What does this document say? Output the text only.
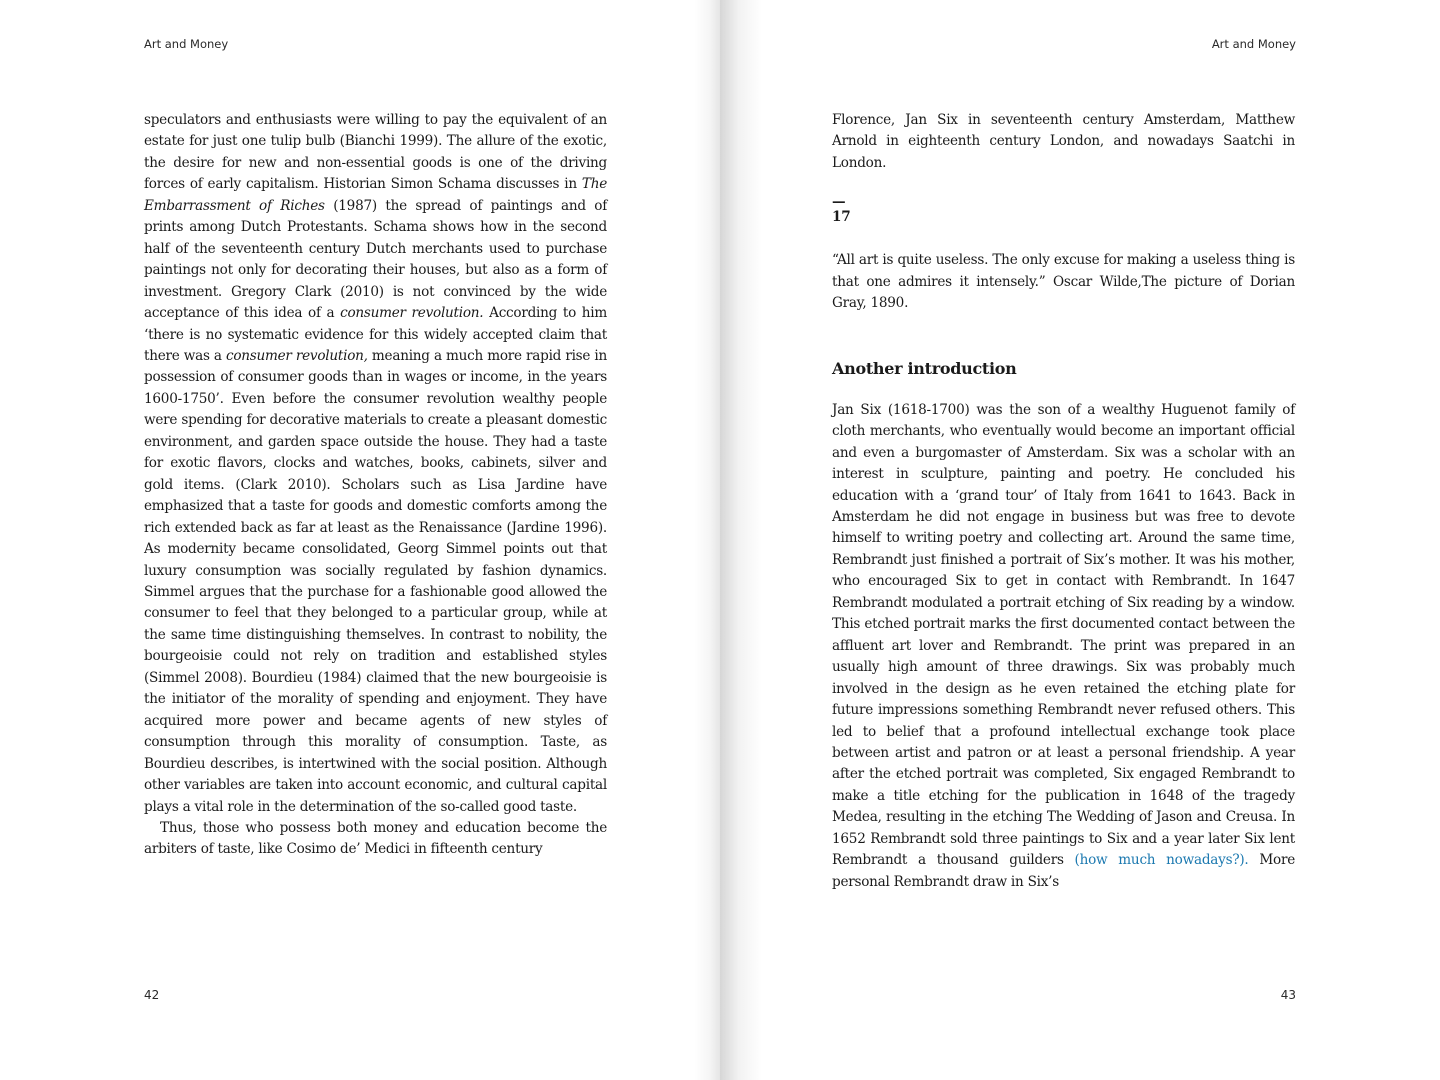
Art and Money

speculators and enthusiasts were willing to pay the equivalent of an estate for just one tulip bulb (Bianchi 1999). The allure of the exotic, the desire for new and non-essential goods is one of the driving forces of early capitalism. Historian Simon Schama discusses in The Embarrassment of Riches (1987) the spread of paintings and of prints among Dutch Protestants. Schama shows how in the second half of the seventeenth century Dutch merchants used to purchase paintings not only for decorating their houses, but also as a form of investment. Gregory Clark (2010) is not convinced by the wide acceptance of this idea of a consumer revolution. According to him ‘there is no systematic evidence for this widely accepted claim that there was a consumer revolution, meaning a much more rapid rise in possession of consumer goods than in wages or income, in the years 1600-1750’. Even before the consumer revolution wealthy people were spending for decorative materials to create a pleasant domestic environment, and garden space outside the house. They had a taste for exotic flavors, clocks and watches, books, cabinets, silver and gold items. (Clark 2010). Scholars such as Lisa Jardine have emphasized that a taste for goods and domestic comforts among the rich extended back as far at least as the Renaissance (Jardine 1996). As modernity became consolidated, Georg Simmel points out that luxury consumption was socially regulated by fashion dynamics. Simmel argues that the purchase for a fashionable good allowed the consumer to feel that they belonged to a particular group, while at the same time distinguishing themselves. In contrast to nobility, the bourgeoisie could not rely on tradition and established styles (Simmel 2008). Bourdieu (1984) claimed that the new bourgeoisie is the initiator of the morality of spending and enjoyment. They have acquired more power and became agents of new styles of consumption through this morality of consumption. Taste, as Bourdieu describes, is intertwined with the social position. Although other variables are taken into account economic, and cultural capital plays a vital role in the determination of the so-called good taste.

Thus, those who possess both money and education become the arbiters of taste, like Cosimo de’ Medici in fifteenth century

42
Art and Money

Florence, Jan Six in seventeenth century Amsterdam, Matthew Arnold in eighteenth century London, and nowadays Saatchi in London.

—

17

“All art is quite useless. The only excuse for making a useless thing is that one admires it intensely.” Oscar Wilde,The picture of Dorian Gray, 1890.

Another introduction

Jan Six (1618-1700) was the son of a wealthy Huguenot family of cloth merchants, who eventually would become an important official and even a burgomaster of Amsterdam. Six was a scholar with an interest in sculpture, painting and poetry. He concluded his education with a ‘grand tour’ of Italy from 1641 to 1643. Back in Amsterdam he did not engage in business but was free to devote himself to writing poetry and collecting art. Around the same time, Rembrandt just finished a portrait of Six’s mother. It was his mother, who encouraged Six to get in contact with Rembrandt. In 1647 Rembrandt modulated a portrait etching of Six reading by a window. This etched portrait marks the first documented contact between the affluent art lover and Rembrandt. The print was prepared in an usually high amount of three drawings. Six was probably much involved in the design as he even retained the etching plate for future impressions something Rembrandt never refused others. This led to belief that a profound intellectual exchange took place between artist and patron or at least a personal friendship. A year after the etched portrait was completed, Six engaged Rembrandt to make a title etching for the publication in 1648 of the tragedy Medea, resulting in the etching The Wedding of Jason and Creusa. In 1652 Rembrandt sold three paintings to Six and a year later Six lent Rembrandt a thousand guilders (how much nowadays?). More personal Rembrandt draw in Six’s

43
